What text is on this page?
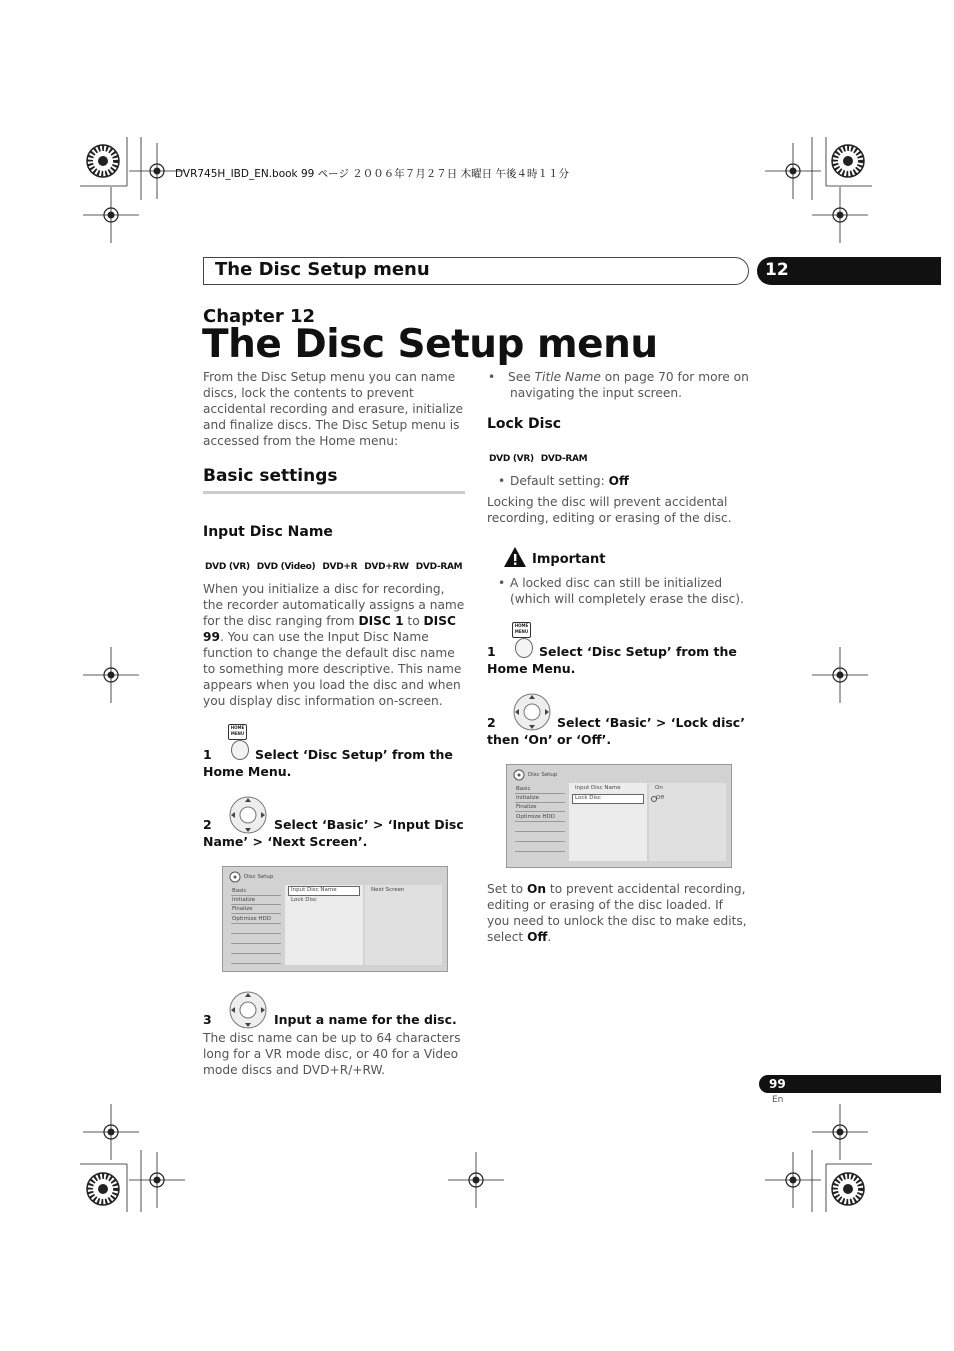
DVR745H_IBD_EN.book 99 ページ ２００６年７月２７日 木曜日 午後４時１１分
The Disc Setup menu	12
Chapter 12
The Disc Setup menu
From the Disc Setup menu you can name discs, lock the contents to prevent accidental recording and erasure, initialize and finalize discs. The Disc Setup menu is accessed from the Home menu:
Basic settings
Input Disc Name
DVD (VR) DVD (Video) DVD+R DVD+RW DVD-RAM
When you initialize a disc for recording, the recorder automatically assigns a name for the disc ranging from DISC 1 to DISC 99. You can use the Input Disc Name function to change the default disc name to something more descriptive. This name appears when you load the disc and when you display disc information on-screen.
HOME MENU
1	Select ‘Disc Setup’ from the Home Menu.
2	Select ‘Basic’ > ‘Input Disc Name’ > ‘Next Screen’.
Disc Setup
Basic
Initialize
Finalize
Optimize HDD
Input Disc Name
Lock Disc
Next Screen
3	Input a name for the disc.
The disc name can be up to 64 characters long for a VR mode disc, or 40 for a Video mode discs and DVD+R/+RW.
•	See Title Name on page 70 for more on navigating the input screen.
Lock Disc
DVD (VR) DVD-RAM
• Default setting: Off
Locking the disc will prevent accidental recording, editing or erasing of the disc.
Important
• A locked disc can still be initialized (which will completely erase the disc).
HOME MENU
1	Select ‘Disc Setup’ from the Home Menu.
2	Select ‘Basic’ > ‘Lock disc’ then ‘On’ or ‘Off’.
Disc Setup
Basic
Initialize
Finalize
Optimize HDD
Input Disc Name
Lock Disc
On
Off
Set to On to prevent accidental recording, editing or erasing of the disc loaded. If you need to unlock the disc to make edits, select Off.
99
En
